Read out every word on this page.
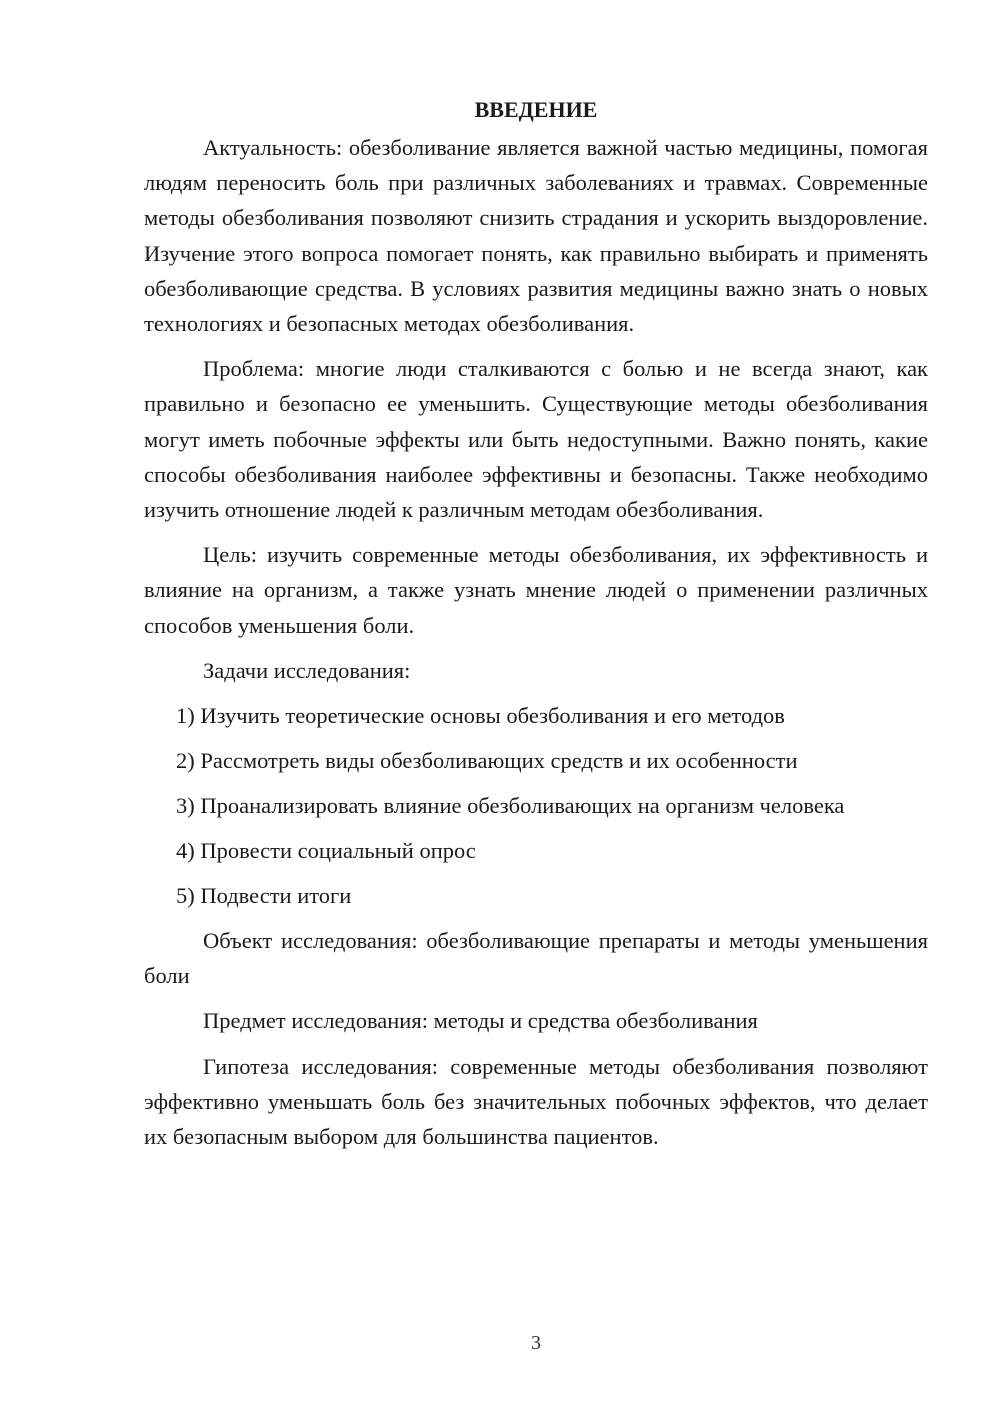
ВВЕДЕНИЕ

Актуальность: обезболивание является важной частью медицины, помогая людям переносить боль при различных заболеваниях и травмах. Современные методы обезболивания позволяют снизить страдания и ускорить выздоровление. Изучение этого вопроса помогает понять, как правильно выбирать и применять обезболивающие средства. В условиях развития медицины важно знать о новых технологиях и безопасных методах обезболивания.

Проблема: многие люди сталкиваются с болью и не всегда знают, как правильно и безопасно ее уменьшить. Существующие методы обезболивания могут иметь побочные эффекты или быть недоступными. Важно понять, какие способы обезболивания наиболее эффективны и безопасны. Также необходимо изучить отношение людей к различным методам обезболивания.

Цель: изучить современные методы обезболивания, их эффективность и влияние на организм, а также узнать мнение людей о применении различных способов уменьшения боли.

Задачи исследования:

1) Изучить теоретические основы обезболивания и его методов
2) Рассмотреть виды обезболивающих средств и их особенности
3) Проанализировать влияние обезболивающих на организм человека
4) Провести социальный опрос
5) Подвести итоги

Объект исследования: обезболивающие препараты и методы уменьшения боли

Предмет исследования: методы и средства обезболивания

Гипотеза исследования: современные методы обезболивания позволяют эффективно уменьшать боль без значительных побочных эффектов, что делает их безопасным выбором для большинства пациентов.

3
